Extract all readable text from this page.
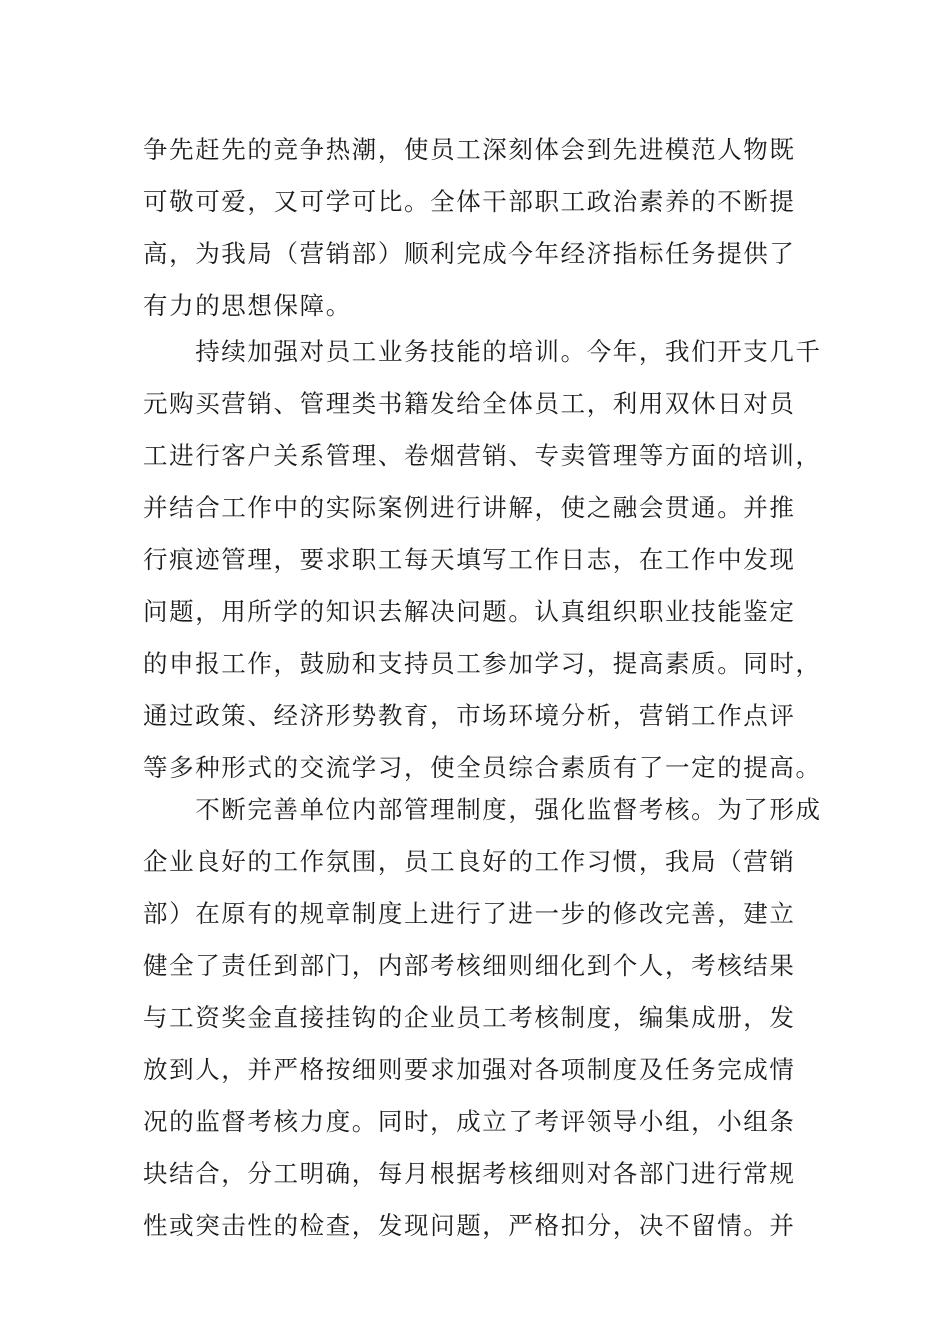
争先赶先的竞争热潮，使员工深刻体会到先进模范人物既
可敬可爱，又可学可比。全体干部职工政治素养的不断提
高，为我局（营销部）顺利完成今年经济指标任务提供了
有力的思想保障。
　　持续加强对员工业务技能的培训。今年，我们开支几千
元购买营销、管理类书籍发给全体员工，利用双休日对员
工进行客户关系管理、卷烟营销、专卖管理等方面的培训，
并结合工作中的实际案例进行讲解，使之融会贯通。并推
行痕迹管理，要求职工每天填写工作日志，在工作中发现
问题，用所学的知识去解决问题。认真组织职业技能鉴定
的申报工作，鼓励和支持员工参加学习，提高素质。同时，
通过政策、经济形势教育，市场环境分析，营销工作点评
等多种形式的交流学习，使全员综合素质有了一定的提高。
　　不断完善单位内部管理制度，强化监督考核。为了形成
企业良好的工作氛围，员工良好的工作习惯，我局（营销
部）在原有的规章制度上进行了进一步的修改完善，建立
健全了责任到部门，内部考核细则细化到个人，考核结果
与工资奖金直接挂钩的企业员工考核制度，编集成册，发
放到人，并严格按细则要求加强对各项制度及任务完成情
况的监督考核力度。同时，成立了考评领导小组，小组条
块结合，分工明确，每月根据考核细则对各部门进行常规
性或突击性的检查，发现问题，严格扣分，决不留情。并
